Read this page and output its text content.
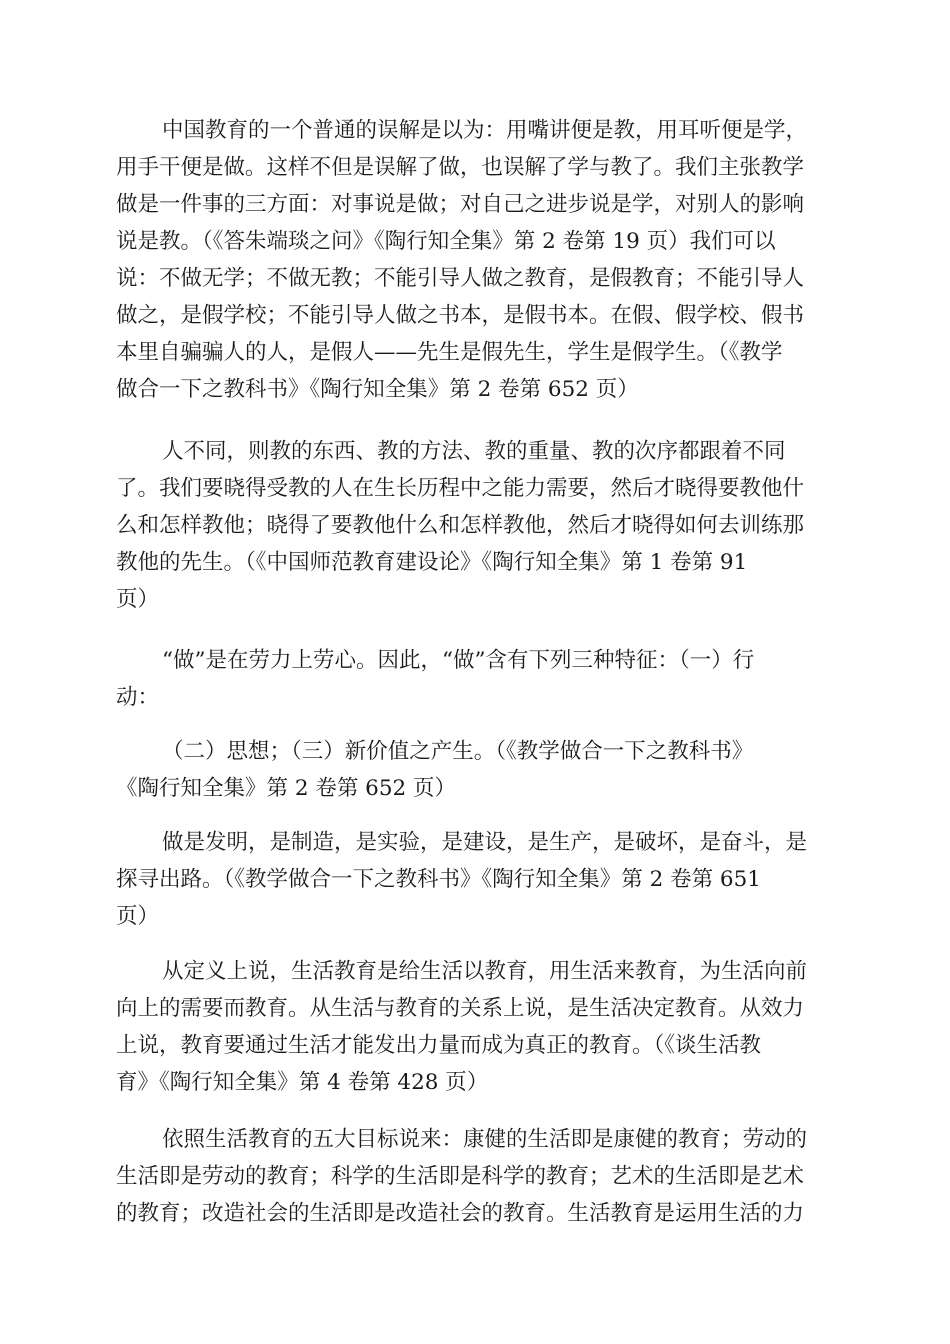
中国教育的一个普通的误解是以为：用嘴讲便是教，用耳听便是学，
用手干便是做。这样不但是误解了做，也误解了学与教了。我们主张教学
做是一件事的三方面：对事说是做；对自己之进步说是学，对别人的影响
说是教。（《答朱端琰之问》《陶行知全集》第 2 卷第 19 页）我们可以
说：不做无学；不做无教；不能引导人做之教育，是假教育；不能引导人
做之，是假学校；不能引导人做之书本，是假书本。在假、假学校、假书
本里自骗骗人的人，是假人——先生是假先生，学生是假学生。（《教学
做合一下之教科书》《陶行知全集》第 2 卷第 652 页）
人不同，则教的东西、教的方法、教的重量、教的次序都跟着不同
了。我们要晓得受教的人在生长历程中之能力需要，然后才晓得要教他什
么和怎样教他；晓得了要教他什么和怎样教他，然后才晓得如何去训练那
教他的先生。（《中国师范教育建设论》《陶行知全集》第 1 卷第 91
页）
“做”是在劳力上劳心。因此，“做”含有下列三种特征：（一）行
动：
（二）思想；（三）新价值之产生。（《教学做合一下之教科书》
《陶行知全集》第 2 卷第 652 页）
做是发明，是制造，是实验，是建设，是生产，是破坏，是奋斗，是
探寻出路。（《教学做合一下之教科书》《陶行知全集》第 2 卷第 651
页）
从定义上说，生活教育是给生活以教育，用生活来教育，为生活向前
向上的需要而教育。从生活与教育的关系上说，是生活决定教育。从效力
上说，教育要通过生活才能发出力量而成为真正的教育。（《谈生活教
育》《陶行知全集》第 4 卷第 428 页）
依照生活教育的五大目标说来：康健的生活即是康健的教育；劳动的
生活即是劳动的教育；科学的生活即是科学的教育；艺术的生活即是艺术
的教育；改造社会的生活即是改造社会的教育。生活教育是运用生活的力
